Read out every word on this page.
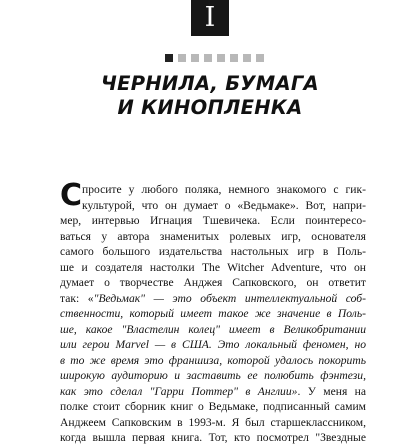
I
ЧЕРНИЛА, БУМАГА
И КИНОПЛЕНКА
С просите у любого поляка, немного знакомого с гик-
культурой, что он думает о «Ведьмаке». Вот, напри-
мер, интервью Игнация Тшевичека. Если поинтересо-
ваться у автора знаменитых ролевых игр, основателя
самого большого издательства настольных игр в Поль-
ше и создателя настолки The Witcher Adventure, что он
думает о творчестве Анджея Сапковского, он ответит
так: «"Ведьмак" — это объект интеллектуальной соб-
ственности, который имеет такое же значение в Поль-
ше, какое "Властелин колец" имеет в Великобритании
или герои Marvel — в США. Это локальный феномен, но
в то же время это франшиза, которой удалось покорить
широкую аудиторию и заставить ее полюбить фэнтези,
как это сделал "Гарри Поттер" в Англии». У меня на
полке стоит сборник книг о Ведьмаке, подписанный самим
Анджеем Сапковским в 1993-м. Я был старшеклассником,
когда вышла первая книга. Тот, кто посмотрел "Звездные
